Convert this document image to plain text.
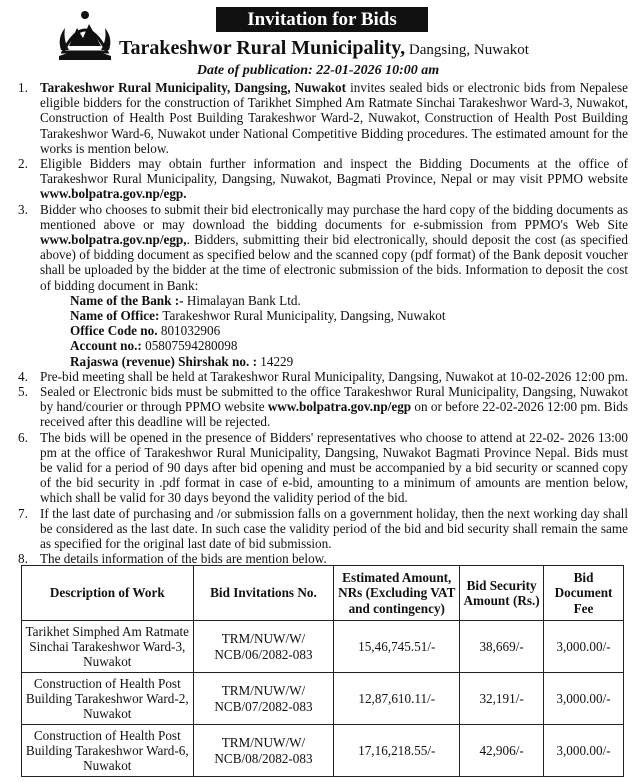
Invitation for Bids
Tarakeshwor Rural Municipality, Dangsing, Nuwakot
Date of publication: 22-01-2026 10:00 am

1. Tarakeshwor Rural Municipality, Dangsing, Nuwakot invites sealed bids or electronic bids from Nepalese eligible bidders for the construction of Tarikhet Simphed Am Ratmate Sinchai Tarakeshwor Ward-3, Nuwakot, Construction of Health Post Building Tarakeshwor Ward-2, Nuwakot, Construction of Health Post Building Tarakeshwor Ward-6, Nuwakot under National Competitive Bidding procedures. The estimated amount for the works is mention below.

2. Eligible Bidders may obtain further information and inspect the Bidding Documents at the office of Tarakeshwor Rural Municipality, Dangsing, Nuwakot, Bagmati Province, Nepal or may visit PPMO website www.bolpatra.gov.np/egp.

3. Bidder who chooses to submit their bid electronically may purchase the hard copy of the bidding documents as mentioned above or may download the bidding documents for e-submission from PPMO's Web Site www.bolpatra.gov.np/egp,. Bidders, submitting their bid electronically, should deposit the cost (as specified above) of bidding document as specified below and the scanned copy (pdf format) of the Bank deposit voucher shall be uploaded by the bidder at the time of electronic submission of the bids. Information to deposit the cost of bidding document in Bank:
Name of the Bank :- Himalayan Bank Ltd.
Name of Office: Tarakeshwor Rural Municipality, Dangsing, Nuwakot
Office Code no. 801032906
Account no.: 05807594280098
Rajaswa (revenue) Shirshak no. : 14229

4. Pre-bid meeting shall be held at Tarakeshwor Rural Municipality, Dangsing, Nuwakot at 10-02-2026 12:00 pm.

5. Sealed or Electronic bids must be submitted to the office Tarakeshwor Rural Municipality, Dangsing, Nuwakot by hand/courier or through PPMO website www.bolpatra.gov.np/egp on or before 22-02-2026 12:00 pm. Bids received after this deadline will be rejected.

6. The bids will be opened in the presence of Bidders' representatives who choose to attend at 22-02- 2026 13:00 pm at the office of Tarakeshwor Rural Municipality, Dangsing, Nuwakot Bagmati Province Nepal. Bids must be valid for a period of 90 days after bid opening and must be accompanied by a bid security or scanned copy of the bid security in .pdf format in case of e-bid, amounting to a minimum of amounts are mention below, which shall be valid for 30 days beyond the validity period of the bid.

7. If the last date of purchasing and /or submission falls on a government holiday, then the next working day shall be considered as the last date. In such case the validity period of the bid and bid security shall remain the same as specified for the original last date of bid submission.

8. The details information of the bids are mention below.

Description of Work	Bid Invitations No.	Estimated Amount, NRs (Excluding VAT and contingency)	Bid Security Amount (Rs.)	Bid Document Fee
Tarikhet Simphed Am Ratmate Sinchai Tarakeshwor Ward-3, Nuwakot	TRM/NUW/W/ NCB/06/2082-083	15,46,745.51/-	38,669/-	3,000.00/-
Construction of Health Post Building Tarakeshwor Ward-2, Nuwakot	TRM/NUW/W/ NCB/07/2082-083	12,87,610.11/-	32,191/-	3,000.00/-
Construction of Health Post Building Tarakeshwor Ward-6, Nuwakot	TRM/NUW/W/ NCB/08/2082-083	17,16,218.55/-	42,906/-	3,000.00/-
